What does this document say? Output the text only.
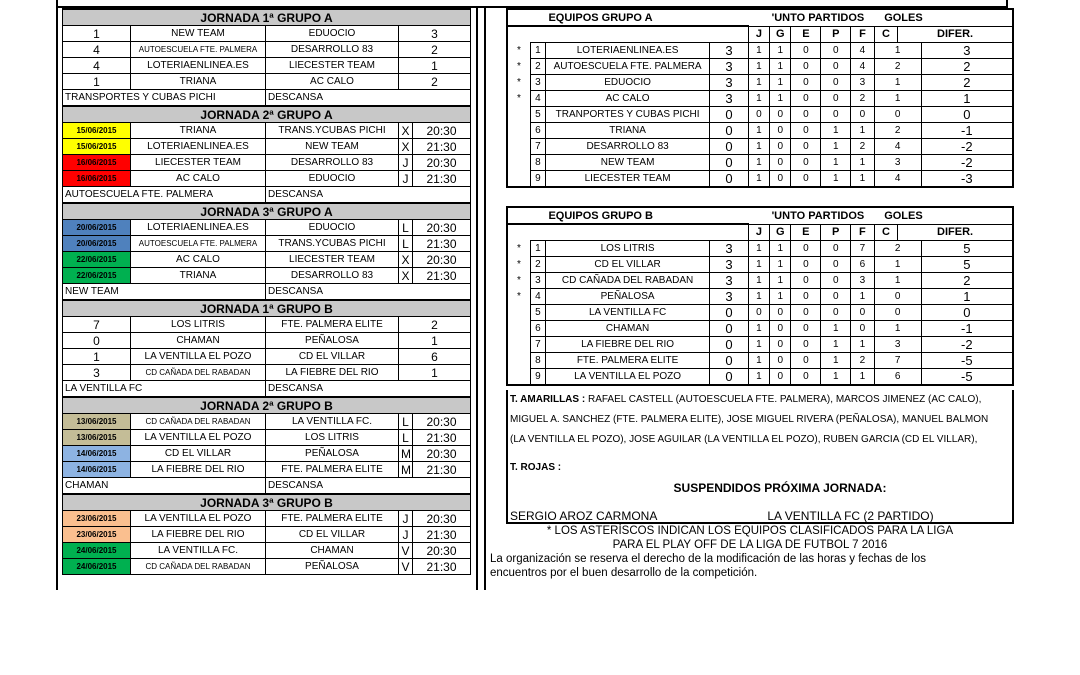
JORNADA 1ª GRUPO A				
1	NEW TEAM	EDUOCIO	3	
4	AUTOESCUELA FTE. PALMERA	DESARROLLO 83	2	
4	LOTERIAENLINEA.ES	LIECESTER TEAM	1	
1	TRIANA	AC CALO	2	
TRANSPORTES Y CUBAS PICHI		DESCANSA		
JORNADA 2ª GRUPO A				
15/06/2015	TRIANA	TRANS.YCUBAS PICHI	X	20:30
15/06/2015	LOTERIAENLINEA.ES	NEW TEAM	X	21:30
16/06/2015	LIECESTER TEAM	DESARROLLO 83	J	20:30
16/06/2015	AC CALO	EDUOCIO	J	21:30
AUTOESCUELA FTE. PALMERA		DESCANSA		
JORNADA 3ª GRUPO A				
20/06/2015	LOTERIAENLINEA.ES	EDUOCIO	L	20:30
20/06/2015	AUTOESCUELA FTE. PALMERA	TRANS.YCUBAS PICHI	L	21:30
22/06/2015	AC CALO	LIECESTER TEAM	X	20:30
22/06/2015	TRIANA	DESARROLLO 83	X	21:30
NEW TEAM		DESCANSA		
JORNADA 1ª GRUPO B				
7	LOS LITRIS	FTE. PALMERA ELITE	2	
0	CHAMAN	PEÑALOSA	1	
1	LA VENTILLA EL POZO	CD EL VILLAR	6	
3	CD CAÑADA DEL RABADAN	LA FIEBRE DEL RIO	1	
LA VENTILLA FC		DESCANSA		
JORNADA 2ª GRUPO B				
13/06/2015	CD CAÑADA DEL RABADAN	LA VENTILLA FC.	L	20:30
13/06/2015	LA VENTILLA EL POZO	LOS LITRIS	L	21:30
14/06/2015	CD EL VILLAR	PEÑALOSA	M	20:30
14/06/2015	LA FIEBRE DEL RIO	FTE. PALMERA ELITE	M	21:30
CHAMAN		DESCANSA		
JORNADA 3ª GRUPO B				
23/06/2015	LA VENTILLA EL POZO	FTE. PALMERA ELITE	J	20:30
23/06/2015	LA FIEBRE DEL RIO	CD EL VILLAR	J	21:30
24/06/2015	LA VENTILLA FC.	CHAMAN	V	20:30
24/06/2015	CD CAÑADA DEL RABADAN	PEÑALOSA	V	21:30
	EQUIPOS GRUPO A				'UNTO PARTIDOS				GOLES		
				J	G	E	P	F	C	DIFER.	
*	1	LOTERIAENLINEA.ES	3	1	1	0	0	4	1		3
*	2	AUTOESCUELA FTE. PALMERA	3	1	1	0	0	4	2		2
*	3	EDUOCIO	3	1	1	0	0	3	1		2
*	4	AC CALO	3	1	1	0	0	2	1		1
	5	TRANPORTES Y CUBAS PICHI	0	0	0	0	0	0	0		0
	6	TRIANA	0	1	0	0	1	1	2		-1
	7	DESARROLLO 83	0	1	0	0	1	2	4		-2
	8	NEW TEAM	0	1	0	0	1	1	3		-2
	9	LIECESTER TEAM	0	1	0	0	1	1	4		-3
	EQUIPOS GRUPO B				'UNTO PARTIDOS				GOLES		
				J	G	E	P	F	C	DIFER.	
*	1	LOS LITRIS	3	1	1	0	0	7	2		5
*	2	CD EL VILLAR	3	1	1	0	0	6	1		5
*	3	CD CAÑADA DEL RABADAN	3	1	1	0	0	3	1		2
*	4	PEÑALOSA	3	1	1	0	0	1	0		1
	5	LA VENTILLA FC	0	0	0	0	0	0	0		0
	6	CHAMAN	0	1	0	0	1	0	1		-1
	7	LA FIEBRE DEL RIO	0	1	0	0	1	1	3		-2
	8	FTE. PALMERA ELITE	0	1	0	0	1	2	7		-5
	9	LA VENTILLA EL POZO	0	1	0	0	1	1	6		-5
T. AMARILLAS : RAFAEL CASTELL (AUTOESCUELA FTE. PALMERA), MARCOS JIMENEZ (AC CALO),
MIGUEL A. SANCHEZ (FTE. PALMERA ELITE), JOSE MIGUEL RIVERA (PEÑALOSA), MANUEL BALMON
(LA VENTILLA EL POZO), JOSE AGUILAR (LA VENTILLA EL POZO), RUBEN GARCIA (CD EL VILLAR),
T. ROJAS :
SUSPENDIDOS PRÓXIMA JORNADA:
SERGIO AROZ CARMONA	LA VENTILLA FC (2 PARTIDO)
* LOS ASTERÍSCOS INDICAN LOS EQUIPOS CLASIFICADOS PARA LA LIGA
PARA EL PLAY OFF DE LA LIGA DE FUTBOL 7 2016
La organización se reserva el derecho de la modificación de las horas y fechas de los
encuentros por el buen desarrollo de la competición.
